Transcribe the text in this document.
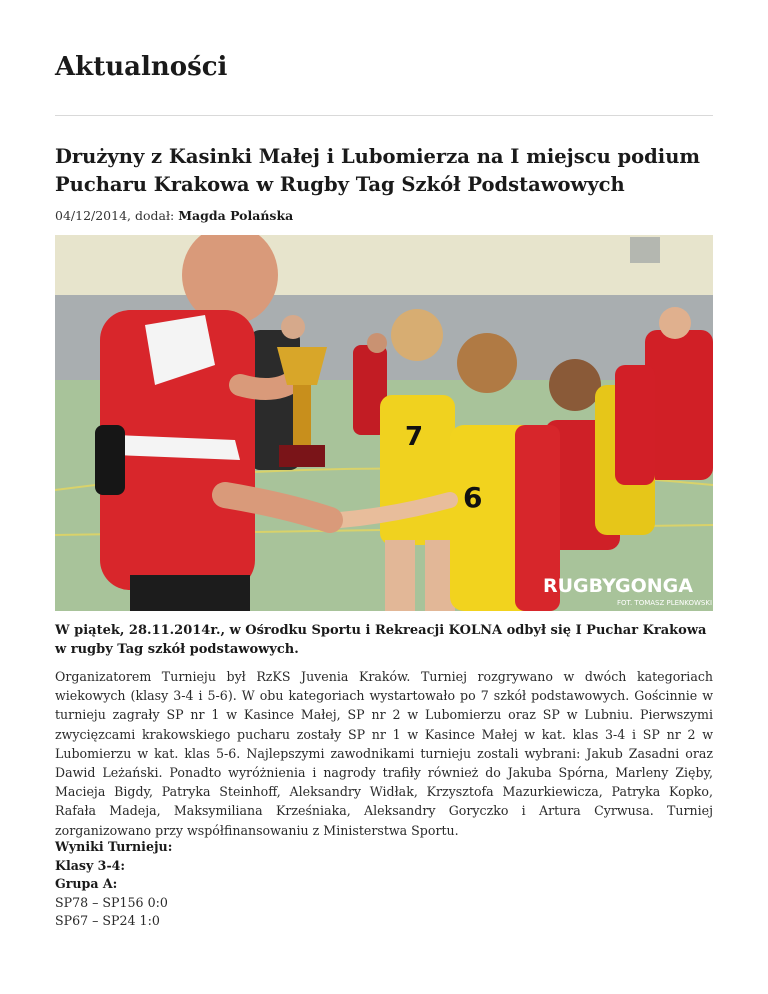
Aktualności
Drużyny z Kasinki Małej i Lubomierza na I miejscu podium Pucharu Krakowa w Rugby Tag Szkół Podstawowych
04/12/2014, dodał: Magda Polańska
7
6
RUGBY GONGA
FOT. TOMASZ PLENKOWSKI

W piątek, 28.11.2014r., w Ośrodku Sportu i Rekreacji KOLNA odbył się I Puchar Krakowa w rugby Tag szkół podstawowych.

Organizatorem Turnieju był RzKS Juvenia Kraków. Turniej rozgrywano w dwóch kategoriach wiekowych (klasy 3-4 i 5-6). W obu kategoriach wystartowało po 7 szkół podstawowych. Gościnnie w turnieju zagrały SP nr 1 w Kasince Małej, SP nr 2 w Lubomierzu oraz SP w Lubniu. Pierwszymi zwycięzcami krakowskiego pucharu zostały SP nr 1 w Kasince Małej w kat. klas 3-4 i SP nr 2 w Lubomierzu w kat. klas 5-6. Najlepszymi zawodnikami turnieju zostali wybrani: Jakub Zasadni oraz Dawid Leżański. Ponadto wyróżnienia i nagrody trafiły również do Jakuba Spórna, Marleny Zięby, Macieja Bigdy, Patryka Steinhoff, Aleksandry Widłak, Krzysztofa Mazurkiewicza, Patryka Kopko, Rafała Madeja, Maksymiliana Krześniaka, Aleksandry Goryczko i Artura Cyrwusa. Turniej zorganizowano przy współfinansowaniu z Ministerstwa Sportu.

Wyniki Turnieju:
Klasy 3-4:
Grupa A:
SP78 – SP156 0:0
SP67 – SP24 1:0
